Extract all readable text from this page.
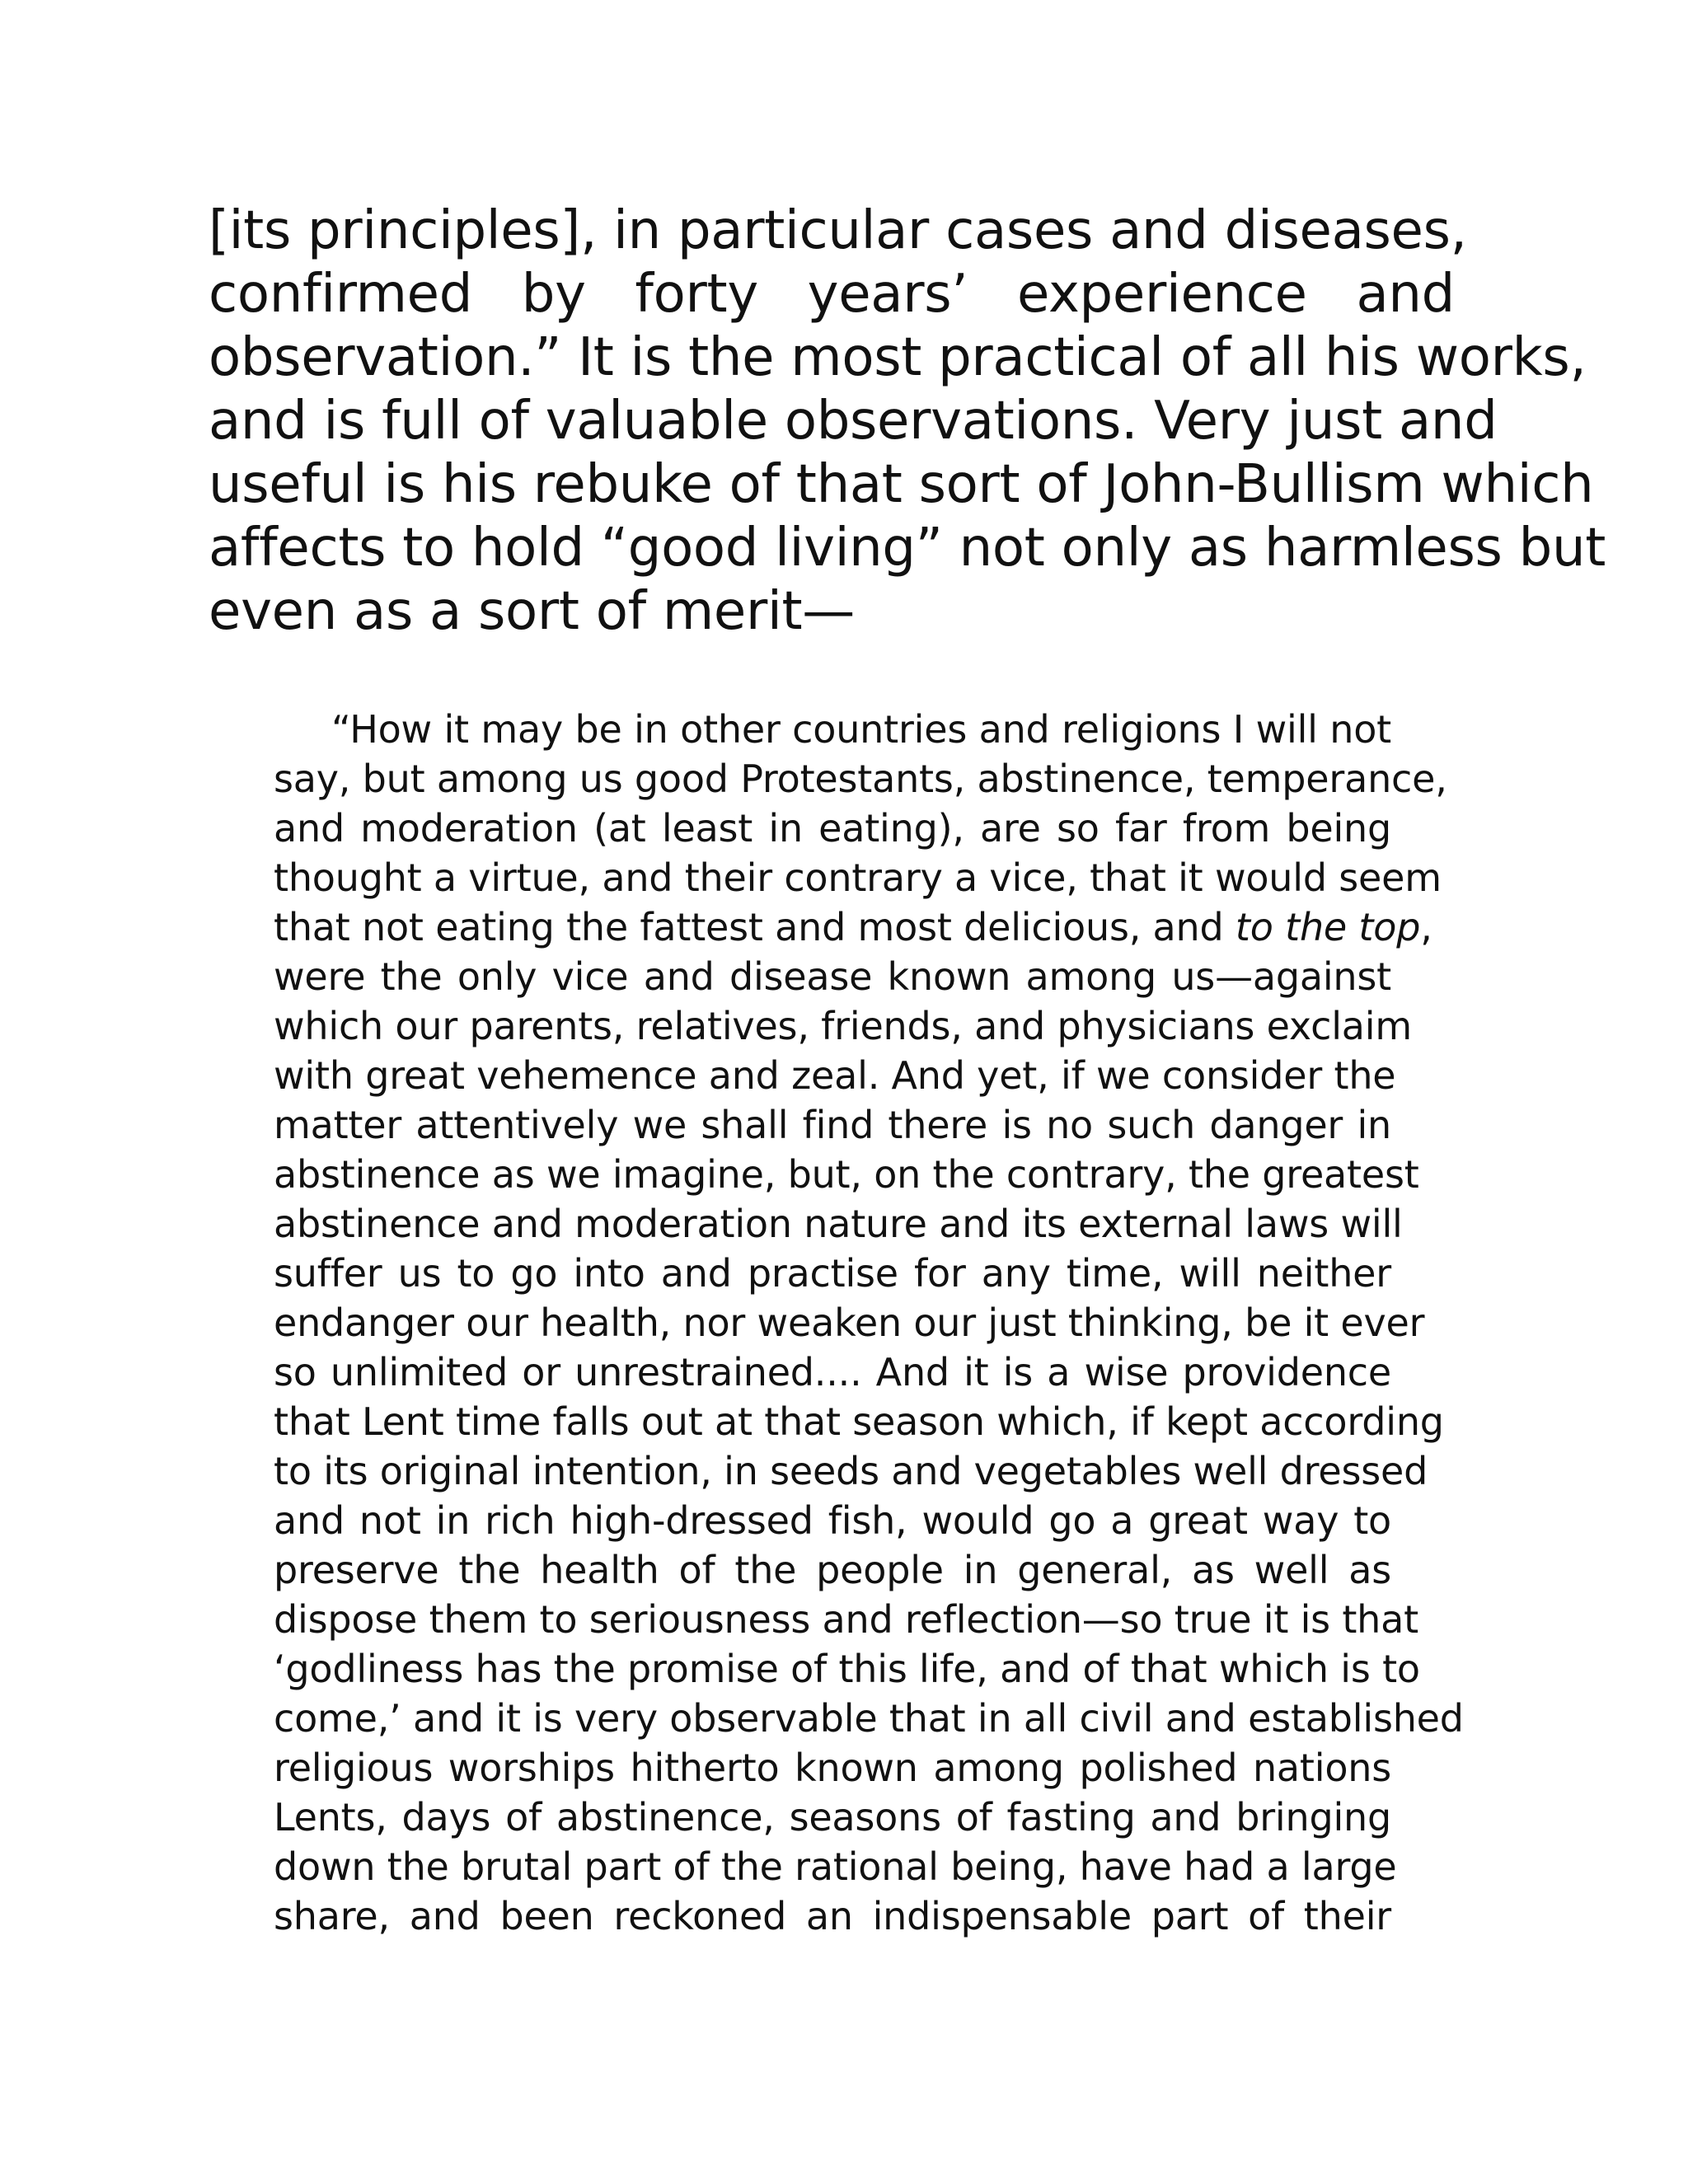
[its principles], in particular cases and diseases,
confirmed by forty years’ experience and
observation.” It is the most practical of all his works,
and is full of valuable observations. Very just and
useful is his rebuke of that sort of John-Bullism which
affects to hold “good living” not only as harmless but
even as a sort of merit—
“How it may be in other countries and religions I will not
say, but among us good Protestants, abstinence, temperance,
and moderation (at least in eating), are so far from being
thought a virtue, and their contrary a vice, that it would seem
that not eating the fattest and most delicious, and to the top,
were the only vice and disease known among us—against
which our parents, relatives, friends, and physicians exclaim
with great vehemence and zeal. And yet, if we consider the
matter attentively we shall find there is no such danger in
abstinence as we imagine, but, on the contrary, the greatest
abstinence and moderation nature and its external laws will
suffer us to go into and practise for any time, will neither
endanger our health, nor weaken our just thinking, be it ever
so unlimited or unrestrained.... And it is a wise providence
that Lent time falls out at that season which, if kept according
to its original intention, in seeds and vegetables well dressed
and not in rich high-dressed fish, would go a great way to
preserve the health of the people in general, as well as
dispose them to seriousness and reflection—so true it is that
‘godliness has the promise of this life, and of that which is to
come,’ and it is very observable that in all civil and established
religious worships hitherto known among polished nations
Lents, days of abstinence, seasons of fasting and bringing
down the brutal part of the rational being, have had a large
share, and been reckoned an indispensable part of their
